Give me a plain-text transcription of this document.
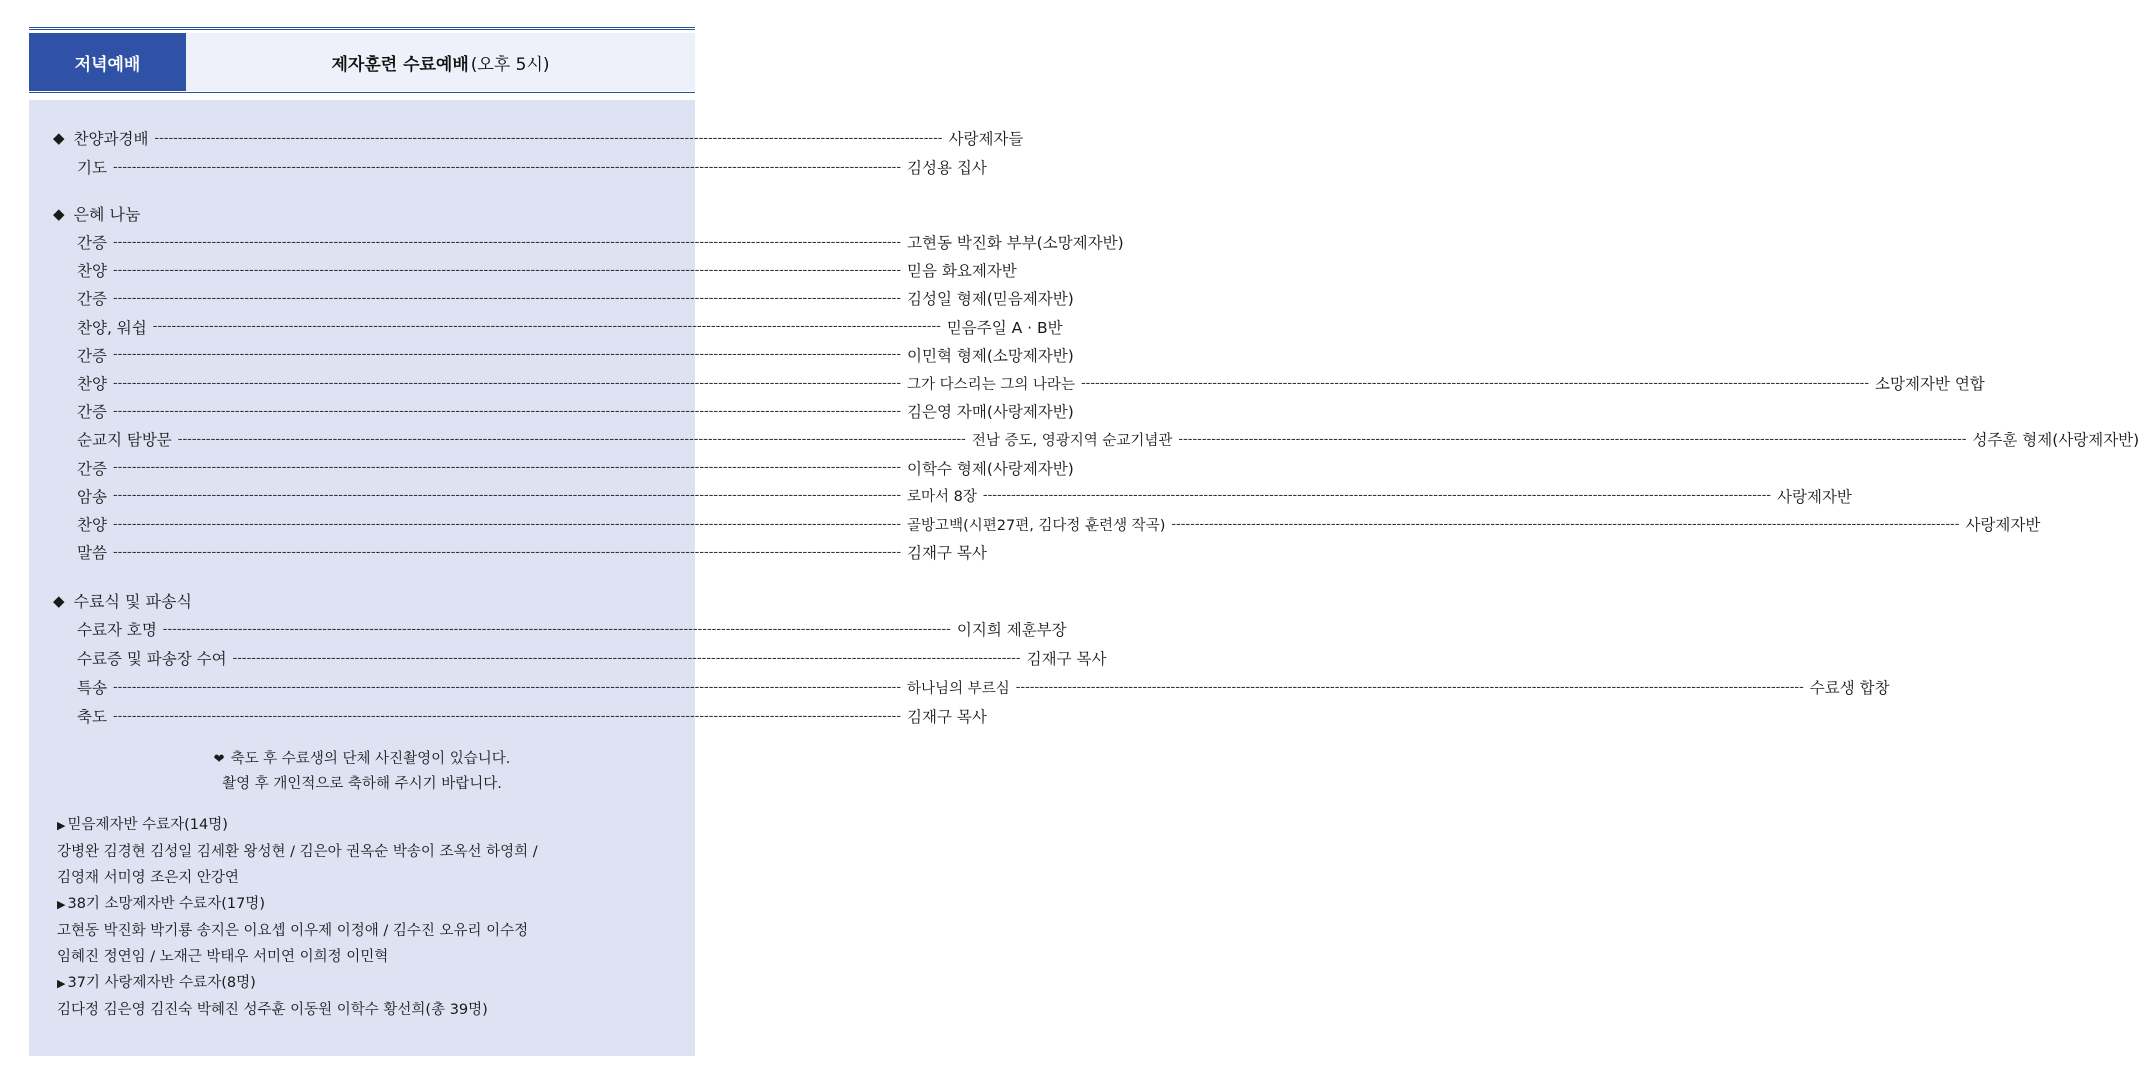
저녁예배	제자훈련 수료예배 (오후 5시)
◆ 찬양과경배 -----	사랑제자들
기 도 -----	김성용 집사
◆ 은혜 나눔
간 증 -----	고현동 박진화 부부(소망제자반)
찬 양 -----	믿음 화요제자반
간 증 -----	김성일 형제(믿음제자반)
찬양, 워쉽 -----	믿음주일 A · B반
간 증 -----	이민혁 형제(소망제자반)
찬 양 -----	그가 다스리는 그의 나라는 -----	소망제자반 연합
간 증 -----	김은영 자매(사랑제자반)
순교지 탐방문 -----	전남 증도, 영광지역 순교기념관 -----	성주훈 형제(사랑제자반)
간 증 -----	이학수 형제(사랑제자반)
암 송 -----	로마서 8장 -----	사랑제자반
찬 양 -----	골방고백(시편27편, 김다정 훈련생 작곡) -----	사랑제자반
말 씀 -----	김재구 목사
◆ 수료식 및 파송식
수료자 호명 -----	이지희 제훈부장
수료증 및 파송장 수여 -----	김재구 목사
특 송 -----	하나님의 부르심 -----	수료생 합창
축 도 -----	김재구 목사
❤ 축도 후 수료생의 단체 사진촬영이 있습니다.
촬영 후 개인적으로 축하해 주시기 바랍니다.
▶ 믿음제자반 수료자(14명)
강병완 김경현 김성일 김세환 왕성현 / 김은아 권옥순 박송이 조옥선 하영희 /
김영재 서미영 조은지 안강연
▶ 38기 소망제자반 수료자(17명)
고현동 박진화 박기룡 송지은 이요셉 이우제 이정애 / 김수진 오유리 이수정
임혜진 정연임 / 노재근 박태우 서미연 이희정 이민혁
▶ 37기 사랑제자반 수료자(8명)
김다정 김은영 김진숙 박혜진 성주훈 이동원 이학수 황선희(총 39명)
